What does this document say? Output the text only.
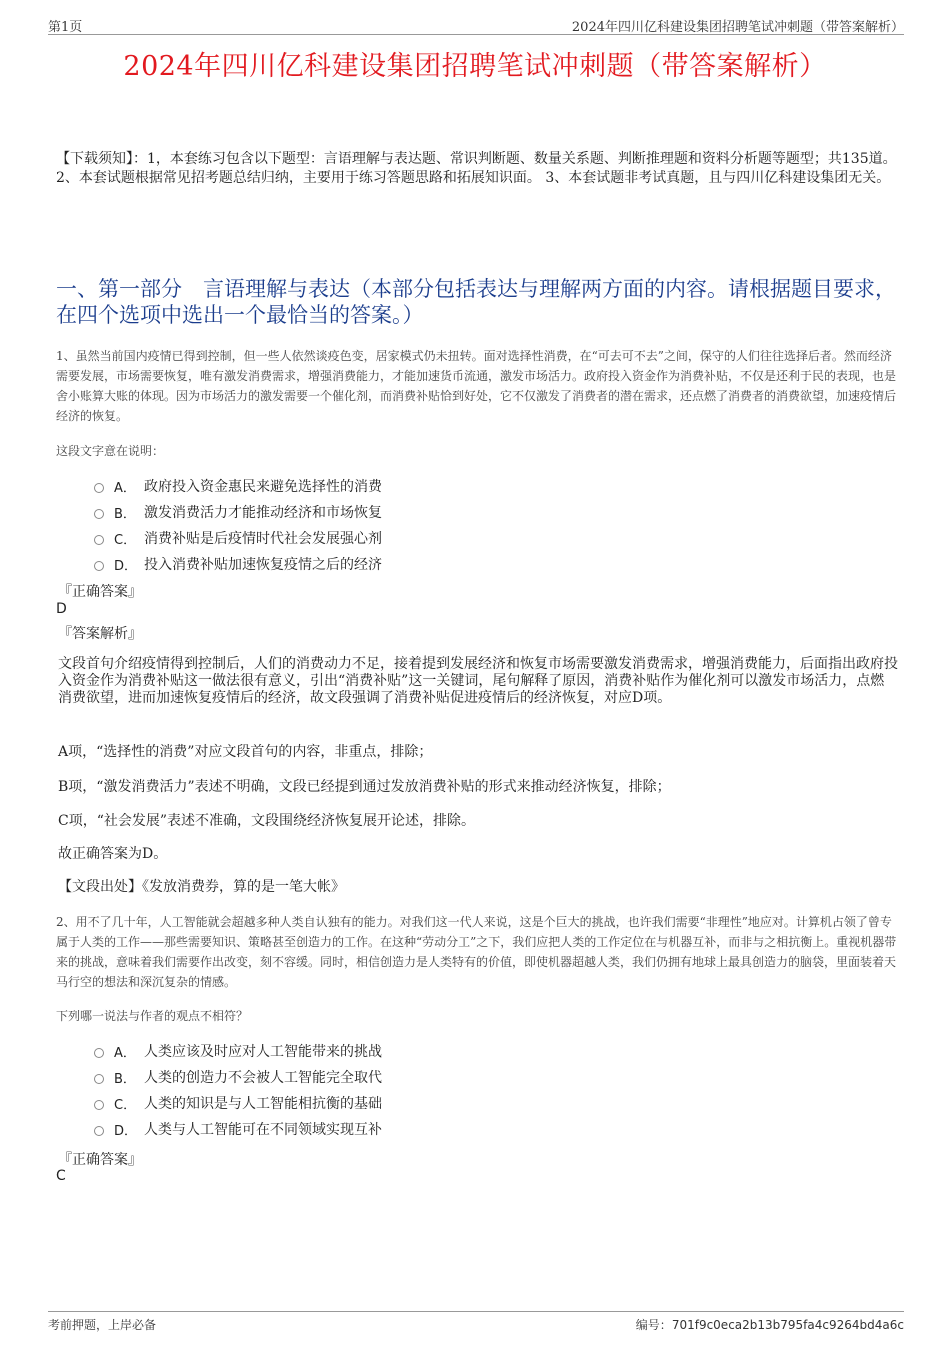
第1页	2024年四川亿科建设集团招聘笔试冲刺题（带答案解析）
2024年四川亿科建设集团招聘笔试冲刺题（带答案解析）
【下载须知】：1，本套练习包含以下题型：言语理解与表达题、常识判断题、数量关系题、判断推理题和资料分析题等题型；共135道。 2、本套试题根据常见招考题总结归纳，主要用于练习答题思路和拓展知识面。 3、本套试题非考试真题，且与四川亿科建设集团无关。
一、第一部分　言语理解与表达（本部分包括表达与理解两方面的内容。请根据题目要求，在四个选项中选出一个最恰当的答案。）
1、虽然当前国内疫情已得到控制，但一些人依然谈疫色变，居家模式仍未扭转。面对选择性消费，在“可去可不去”之间，保守的人们往往选择后者。然而经济需要发展，市场需要恢复，唯有激发消费需求，增强消费能力，才能加速货币流通，激发市场活力。政府投入资金作为消费补贴，不仅是还利于民的表现，也是舍小账算大账的体现。因为市场活力的激发需要一个催化剂，而消费补贴恰到好处，它不仅激发了消费者的潜在需求，还点燃了消费者的消费欲望，加速疫情后经济的恢复。
这段文字意在说明：
A． 政府投入资金惠民来避免选择性的消费
B． 激发消费活力才能推动经济和市场恢复
C． 消费补贴是后疫情时代社会发展强心剂
D． 投入消费补贴加速恢复疫情之后的经济
『正确答案』
D
『答案解析』
文段首句介绍疫情得到控制后，人们的消费动力不足，接着提到发展经济和恢复市场需要激发消费需求，增强消费能力，后面指出政府投入资金作为消费补贴这一做法很有意义，引出“消费补贴”这一关键词，尾句解释了原因，消费补贴作为催化剂可以激发市场活力，点燃消费欲望，进而加速恢复疫情后的经济，故文段强调了消费补贴促进疫情后的经济恢复，对应D项。
A项，“选择性的消费”对应文段首句的内容，非重点，排除；
B项，“激发消费活力”表述不明确，文段已经提到通过发放消费补贴的形式来推动经济恢复，排除；
C项，“社会发展”表述不准确，文段围绕经济恢复展开论述，排除。
故正确答案为D。
【文段出处】《发放消费券，算的是一笔大帐》
2、用不了几十年，人工智能就会超越多种人类自认独有的能力。对我们这一代人来说，这是个巨大的挑战，也许我们需要“非理性”地应对。计算机占领了曾专属于人类的工作——那些需要知识、策略甚至创造力的工作。在这种“劳动分工”之下，我们应把人类的工作定位在与机器互补，而非与之相抗衡上。重视机器带来的挑战，意味着我们需要作出改变，刻不容缓。同时，相信创造力是人类特有的价值，即使机器超越人类，我们仍拥有地球上最具创造力的脑袋，里面装着天马行空的想法和深沉复杂的情感。
下列哪一说法与作者的观点不相符？
A． 人类应该及时应对人工智能带来的挑战
B． 人类的创造力不会被人工智能完全取代
C． 人类的知识是与人工智能相抗衡的基础
D． 人类与人工智能可在不同领域实现互补
『正确答案』
C
考前押题，上岸必备	编号：701f9c0eca2b13b795fa4c9264bd4a6c
